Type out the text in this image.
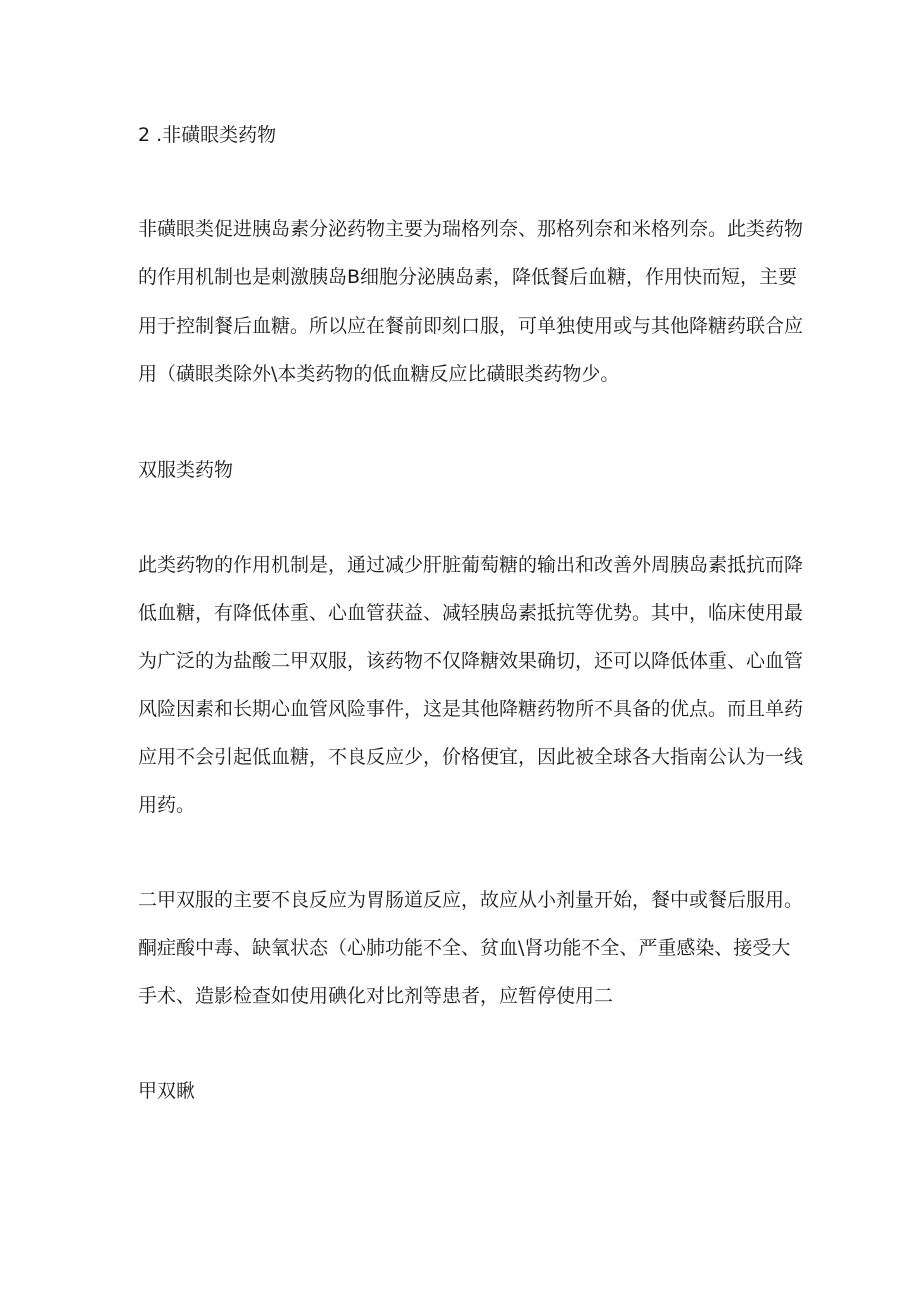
2 .非磺眼类药物
非磺眼类促进胰岛素分泌药物主要为瑞格列奈、那格列奈和米格列奈。此类药物
的作用机制也是刺激胰岛B细胞分泌胰岛素，降低餐后血糖，作用快而短，主要
用于控制餐后血糖。所以应在餐前即刻口服，可单独使用或与其他降糖药联合应
用（磺眼类除外\本类药物的低血糖反应比磺眼类药物少。
双服类药物
此类药物的作用机制是，通过减少肝脏葡萄糖的输出和改善外周胰岛素抵抗而降
低血糖，有降低体重、心血管获益、减轻胰岛素抵抗等优势。其中，临床使用最
为广泛的为盐酸二甲双服，该药物不仅降糖效果确切，还可以降低体重、心血管
风险因素和长期心血管风险事件，这是其他降糖药物所不具备的优点。而且单药
应用不会引起低血糖，不良反应少，价格便宜，因此被全球各大指南公认为一线
用药。
二甲双服的主要不良反应为胃肠道反应，故应从小剂量开始，餐中或餐后服用。
酮症酸中毒、缺氧状态（心肺功能不全、贫血\肾功能不全、严重感染、接受大
手术、造影检查如使用碘化对比剂等患者，应暂停使用二
甲双瞅
